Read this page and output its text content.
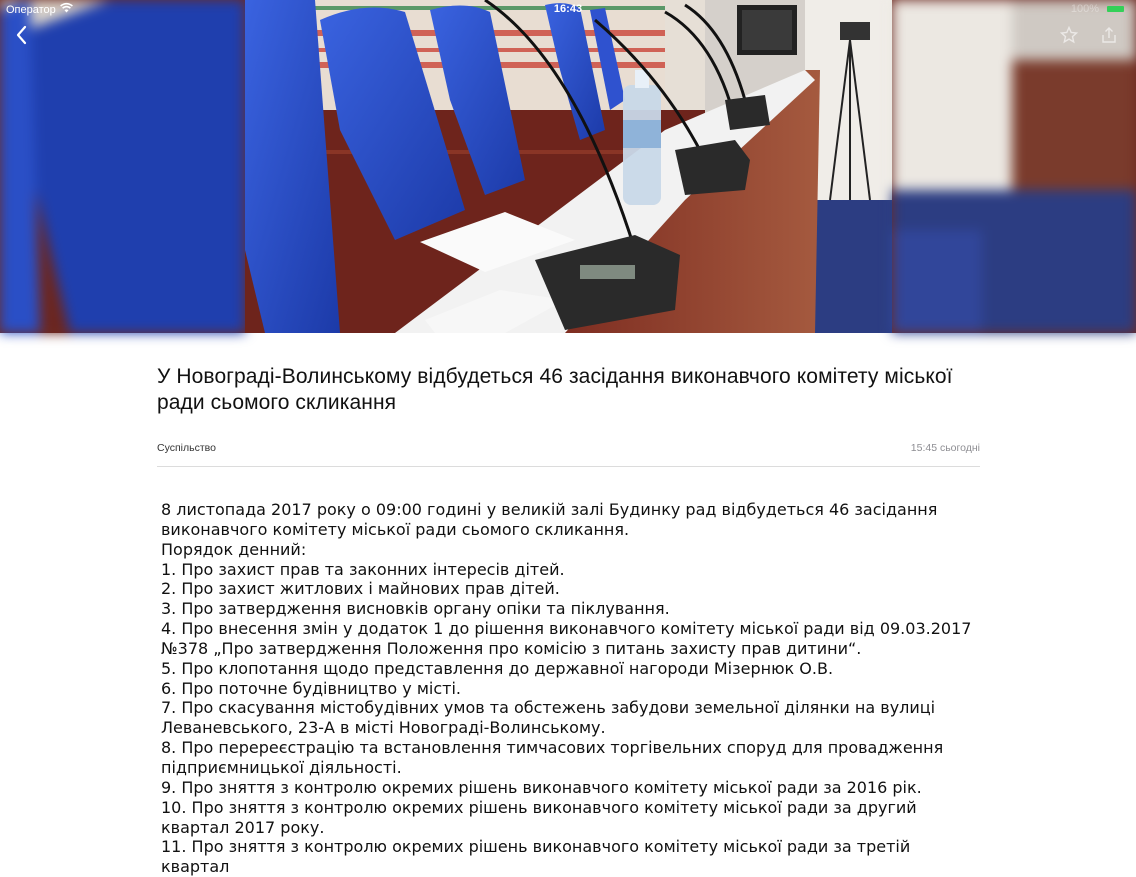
Оператор	16:43	100%
У Новограді-Волинському відбудеться 46 засідання виконавчого комітету міської ради сьомого скликання
Суспільство	15:45 сьогодні

8 листопада 2017 року о 09:00 годині у великій залі Будинку рад відбудеться 46 засідання виконавчого комітету міської ради сьомого скликання.

Порядок денний:

1. Про захист прав та законних інтересів дітей.

2. Про захист житлових і майнових прав дітей.

3. Про затвердження висновків органу опіки та піклування.

4. Про внесення змін у додаток 1 до рішення виконавчого комітету міської ради від 09.03.2017 №378 „Про затвердження Положення про комісію з питань захисту прав дитини“.

5. Про клопотання щодо представлення до державної нагороди Мізернюк О.В.

6. Про поточне будівництво у місті.

7. Про скасування містобудівних умов та обстежень забудови земельної ділянки на вулиці Леваневського, 23-А в місті Новограді-Волинському.

8. Про перереєстрацію та встановлення тимчасових торгівельних споруд для провадження підприємницької діяльності.

9. Про зняття з контролю окремих рішень виконавчого комітету міської ради за 2016 рік.

10. Про зняття з контролю окремих рішень виконавчого комітету міської ради за другий квартал 2017 року.

11. Про зняття з контролю окремих рішень виконавчого комітету міської ради за третій квартал
